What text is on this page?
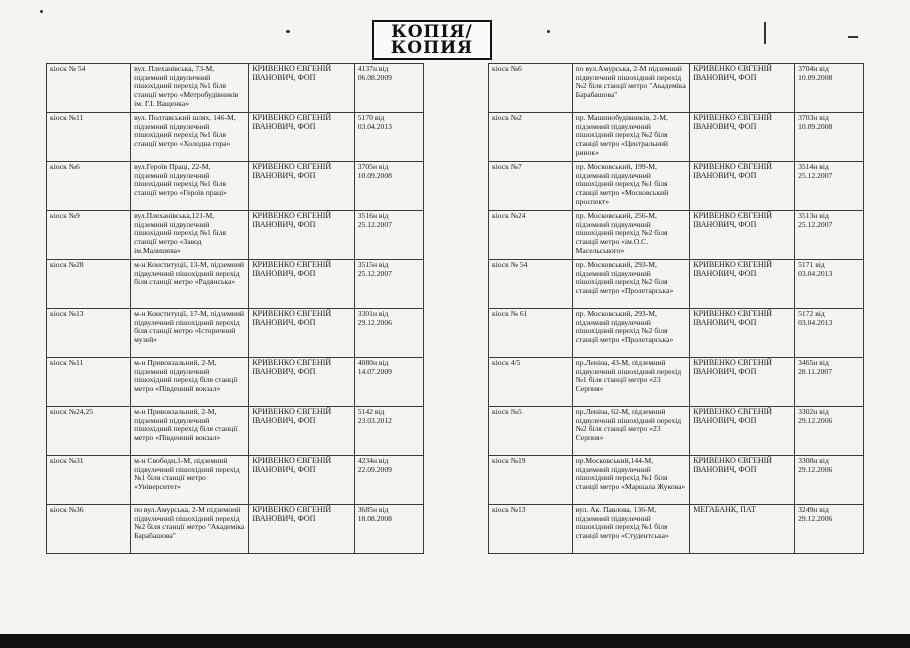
КОПІЯ/
КОПИЯ
кіоск № 54	вул. Плеханівська, 73-М, підземний підвуличний пішохідний перехід №1 біля станції метро «Метробудівників ім. Г.І. Ващенка»	КРИВЕНКО ЄВГЕНІЙ ІВАНОВИЧ, ФОП	4137н від 06.08.2009
кіоск №11	вул. Полтавський шлях, 146-М, підземний підвулечний пішохідний перехід №1 біля станції метро «Холодна гора»	КРИВЕНКО ЄВГЕНІЙ ІВАНОВИЧ, ФОП	5170 від 03.04.2013
кіоск №6	вул.Героїв Праці, 22-М, підземний підвулечний пішохідний перехід №1 біля станції метро «Героїв праці»	КРИВЕНКО ЄВГЕНІЙ ІВАНОВИЧ, ФОП	3705н від 10.09.2008
кіоск №9	вул.Плеханівська,121-М, підземний підвулечний пішохідний перехід №1 біля станції метро «Завод ім.Малишева»	КРИВЕНКО ЄВГЕНІЙ ІВАНОВИЧ, ФОП	3516н від 25.12.2007
кіоск №28	м-н Конституції, 13-М, підземний підвулечний пішохідний перехід біля станції метро «Радянська»	КРИВЕНКО ЄВГЕНІЙ ІВАНОВИЧ, ФОП	3515н від 25.12.2007
кіоск №13	м-н Конституції, 17-М, підземний підвулечний пішохідний перехід біля станції метро «Історичний музей»	КРИВЕНКО ЄВГЕНІЙ ІВАНОВИЧ, ФОП	3301н від 29.12.2006
кіоск №11	м-н Привокзальний, 2-М, підземний підвулечний пішохідний перехід біля станції метро «Південний вокзал»	КРИВЕНКО ЄВГЕНІЙ ІВАНОВИЧ, ФОП	4080н від 14.07.2009
кіоск №24,25	м-н Привокзальний, 2-М, підземний підвулечний пішохідний перехід біля станції метро «Південний вокзал»	КРИВЕНКО ЄВГЕНІЙ ІВАНОВИЧ, ФОП	5142 від 23.03.2012
кіоск №31	м-н Свободи,1-М, підземний підвулечний пішохідний перехід №1 біля станції метро «Університет»	КРИВЕНКО ЄВГЕНІЙ ІВАНОВИЧ, ФОП	4234н від 22.09.2009
кіоск №36	по вул.Амурська, 2-М підземний підвулечний пішохідний перехід №2 біля станції метро "Академіка Барабашова"	КРИВЕНКО ЄВГЕНІЙ ІВАНОВИЧ, ФОП	3685н від 18.08.2008
кіоск №6	по вул.Амурська, 2-М підземний підвулечний пішохідний перехід №2 біля станції метро "Академіка Барабашова"	КРИВЕНКО ЄВГЕНІЙ ІВАНОВИЧ, ФОП	3704н від 10.09.2008
кіоск №2	пр. Машинобудівників, 2-М, підземний підвулечний пішохідний перехід №2 біля станції метро «Центральний ринок»	КРИВЕНКО ЄВГЕНІЙ ІВАНОВИЧ, ФОП	3703н від 10.09.2008
кіоск №7	пр. Московський, 199-М, підземний підвулечний пішохідний перехід №1 біля станції метро «Московський проспект»	КРИВЕНКО ЄВГЕНІЙ ІВАНОВИЧ, ФОП	3514н від 25.12.2007
кіоск №24	пр. Московський, 256-М, підземний підвулечний пішохідний перехід №2 біля станції метро «ім.О.С. Масельського»	КРИВЕНКО ЄВГЕНІЙ ІВАНОВИЧ, ФОП	3513н від 25.12.2007
кіоск № 54	пр. Московський, 293-М, підземний підвулечний пішохідний перехід №2 біля станції метро «Пролетарська»	КРИВЕНКО ЄВГЕНІЙ ІВАНОВИЧ, ФОП	5171 від 03.04.2013
кіоск № 61	пр. Московський, 293-М, підземний підвулечний пішохідний перехід №2 біля станції метро «Пролетарська»	КРИВЕНКО ЄВГЕНІЙ ІВАНОВИЧ, ФОП	5172 від 03.04.2013
кіоск 4/5	пр.Леніна, 43-М, підземний підвулечний пішохідний перехід №1 біля станції метро «23 Серпня»	КРИВЕНКО ЄВГЕНІЙ ІВАНОВИЧ, ФОП	3465н від 28.11.2007
кіоск №5	пр.Леніна, 62-М, підземний підвулечний пішохідний перехід №2 біля станції метро «23 Серпня»	КРИВЕНКО ЄВГЕНІЙ ІВАНОВИЧ, ФОП	3302н від 29.12.2006
кіоск №19	пр.Московський,144-М, підземний підвулечний пішохідний перехід №1 біля станції метро «Маршала Жукова»	КРИВЕНКО ЄВГЕНІЙ ІВАНОВИЧ, ФОП	3300н від 29.12.2006
кіоск №13	вул. Ак. Павлова, 136-М, підземний підвулечний пішохідний перехід №1 біля станції метро «Студентська»	МЕГАБАНК, ПАТ	3249н від 29.12.2006
